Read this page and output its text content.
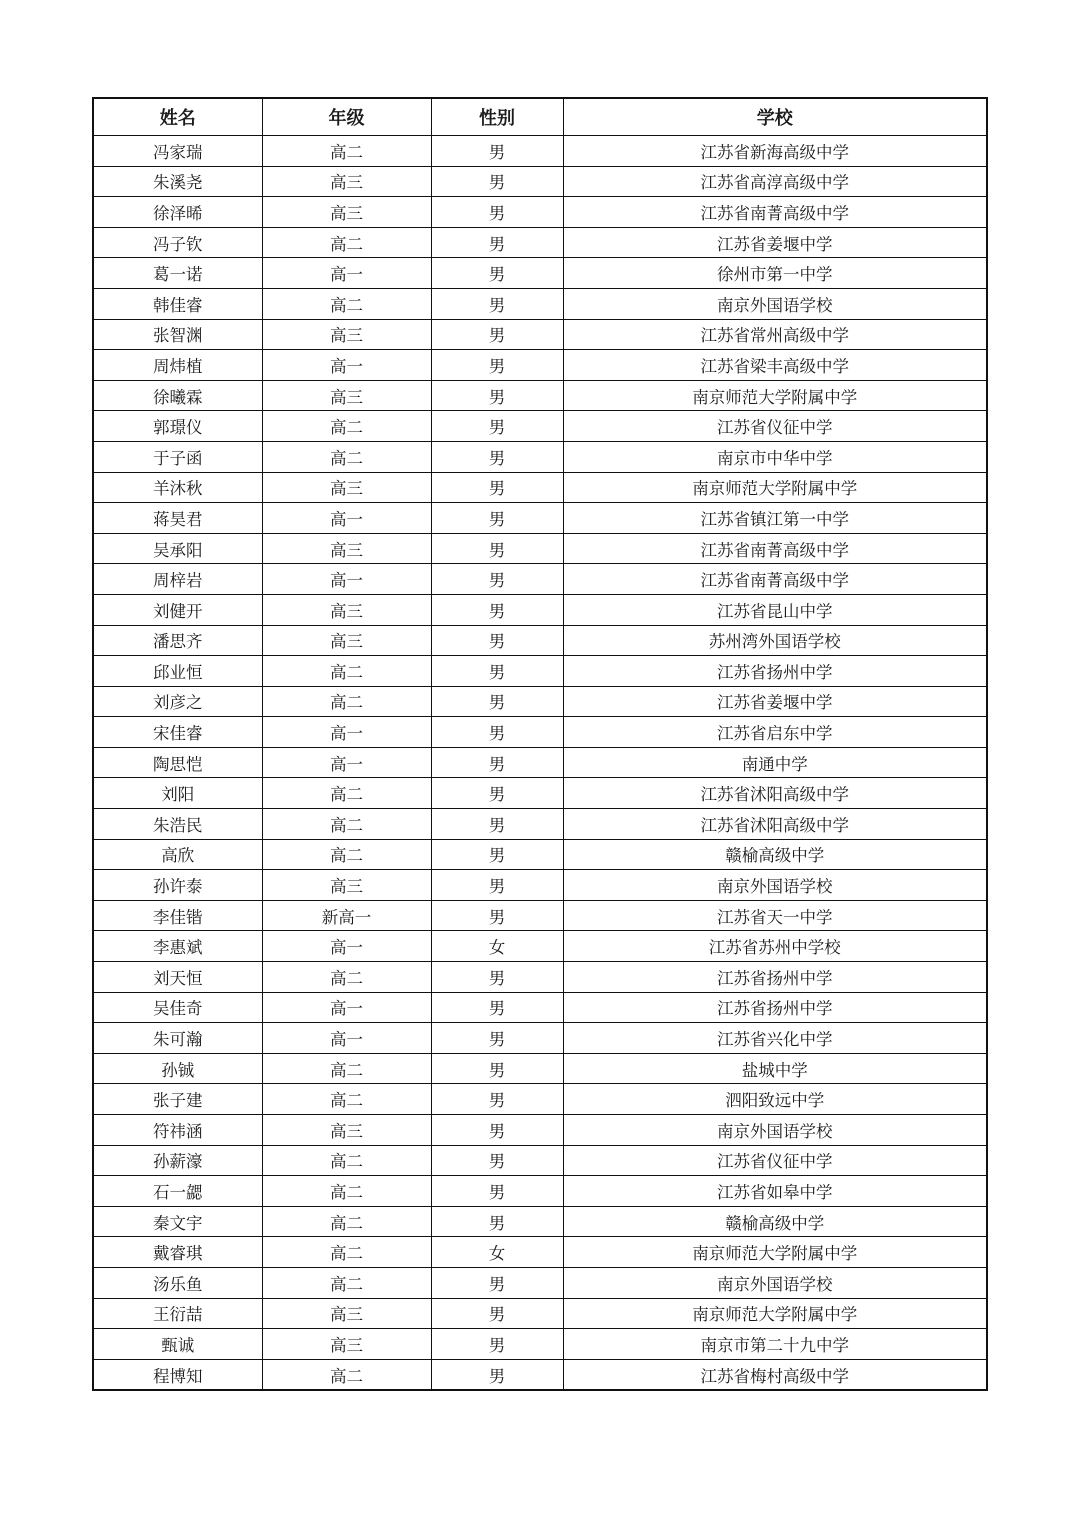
姓名	年级	性别	学校
冯家瑞	高二	男	江苏省新海高级中学
朱溪尧	高三	男	江苏省高淳高级中学
徐泽晞	高三	男	江苏省南菁高级中学
冯子钦	高二	男	江苏省姜堰中学
葛一诺	高一	男	徐州市第一中学
韩佳睿	高二	男	南京外国语学校
张智渊	高三	男	江苏省常州高级中学
周炜植	高一	男	江苏省梁丰高级中学
徐曦霖	高三	男	南京师范大学附属中学
郭璟仪	高二	男	江苏省仪征中学
于子函	高二	男	南京市中华中学
羊沐秋	高三	男	南京师范大学附属中学
蒋昊君	高一	男	江苏省镇江第一中学
吴承阳	高三	男	江苏省南菁高级中学
周梓岩	高一	男	江苏省南菁高级中学
刘健开	高三	男	江苏省昆山中学
潘思齐	高三	男	苏州湾外国语学校
邱业恒	高二	男	江苏省扬州中学
刘彦之	高二	男	江苏省姜堰中学
宋佳睿	高一	男	江苏省启东中学
陶思恺	高一	男	南通中学
刘阳	高二	男	江苏省沭阳高级中学
朱浩民	高二	男	江苏省沭阳高级中学
高欣	高二	男	赣榆高级中学
孙许泰	高三	男	南京外国语学校
李佳锴	新高一	男	江苏省天一中学
李惠斌	高一	女	江苏省苏州中学校
刘天恒	高二	男	江苏省扬州中学
吴佳奇	高一	男	江苏省扬州中学
朱可瀚	高一	男	江苏省兴化中学
孙铖	高二	男	盐城中学
张子建	高二	男	泗阳致远中学
符祎涵	高三	男	南京外国语学校
孙薪濠	高二	男	江苏省仪征中学
石一勰	高二	男	江苏省如皋中学
秦文宇	高二	男	赣榆高级中学
戴睿琪	高二	女	南京师范大学附属中学
汤乐鱼	高二	男	南京外国语学校
王衍喆	高三	男	南京师范大学附属中学
甄诚	高三	男	南京市第二十九中学
程博知	高二	男	江苏省梅村高级中学
